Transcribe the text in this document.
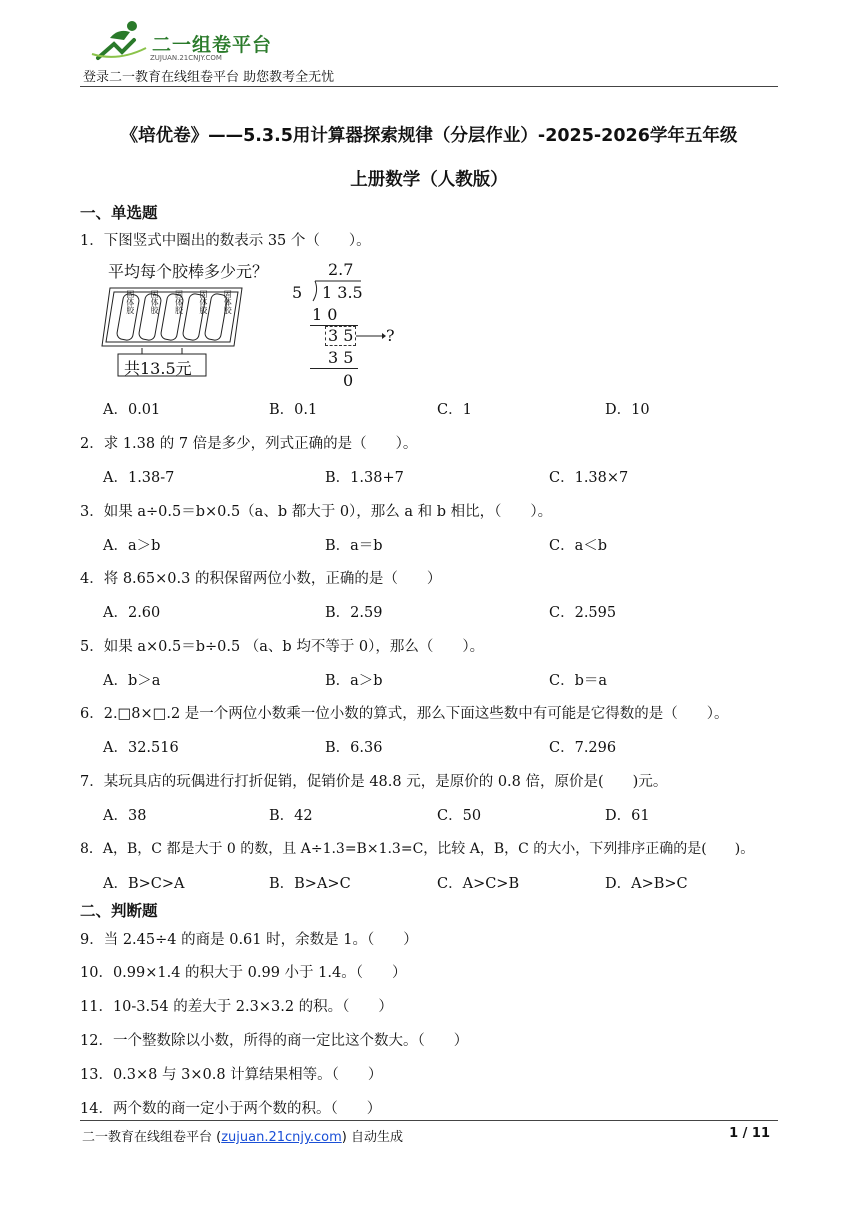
二一组卷平台
ZUJUAN.21CNJY.COM
登录二一教育在线组卷平台 助您教考全无忧
《培优卷》——5.3.5用计算器探索规律（分层作业）-2025-2026学年五年级
上册数学（人教版）
一、单选题
1．下图竖式中圈出的数表示 35 个（　　）。
平均每个胶棒多少元？
固体胶 固体胶 固体胶 固体胶 固体胶
共13.5元
2.7
5 1 3.5
1 0
3 5 ?
3 5
0
A．0.01	B．0.1	C．1	D．10
2．求 1.38 的 7 倍是多少，列式正确的是（　　）。
A．1.38-7	B．1.38+7	C．1.38×7
3．如果 a÷0.5＝b×0.5（a、b 都大于 0），那么 a 和 b 相比，（　　）。
A．a＞b	B．a＝b	C．a＜b
4．将 8.65×0.3 的积保留两位小数，正确的是（　　）
A．2.60	B．2.59	C．2.595
5．如果 a×0.5＝b÷0.5 （a、b 均不等于 0），那么（　　）。
A．b＞a	B．a＞b	C．b＝a
6．2.□8×□.2 是一个两位小数乘一位小数的算式，那么下面这些数中有可能是它得数的是（　　）。
A．32.516	B．6.36	C．7.296
7．某玩具店的玩偶进行打折促销，促销价是 48.8 元，是原价的 0.8 倍，原价是(　　)元。
A．38	B．42	C．50	D．61
8．A，B，C 都是大于 0 的数，且 A÷1.3=B×1.3=C，比较 A，B，C 的大小，下列排序正确的是(　　)。
A．B>C>A	B．B>A>C	C．A>C>B	D．A>B>C
二、判断题
9．当 2.45÷4 的商是 0.61 时，余数是 1。（　　）
10．0.99×1.4 的积大于 0.99 小于 1.4。（　　）
11．10-3.54 的差大于 2.3×3.2 的积。（　　）
12．一个整数除以小数，所得的商一定比这个数大。（　　）
13．0.3×8 与 3×0.8 计算结果相等。（　　）
14．两个数的商一定小于两个数的积。（　　）
二一教育在线组卷平台 (zujuan.21cnjy.com) 自动生成	1 / 11
